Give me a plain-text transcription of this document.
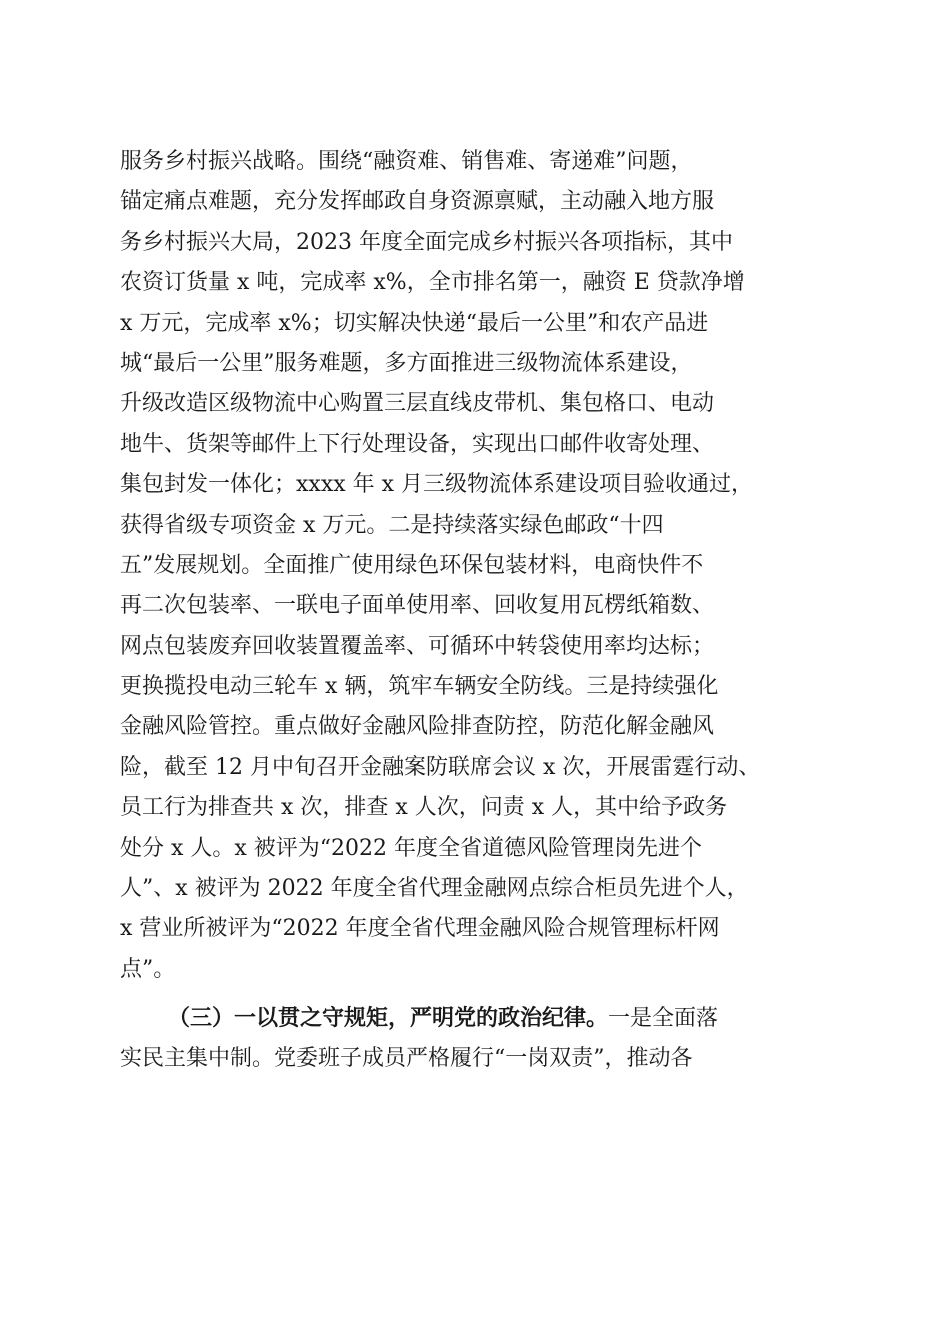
服务乡村振兴战略。围绕“融资难、销售难、寄递难”问题，
锚定痛点难题，充分发挥邮政自身资源禀赋，主动融入地方服
务乡村振兴大局，2023 年度全面完成乡村振兴各项指标，其中
农资订货量 x 吨，完成率 x%，全市排名第一，融资 E 贷款净增
x 万元，完成率 x%；切实解决快递“最后一公里”和农产品进
城“最后一公里”服务难题，多方面推进三级物流体系建设，
升级改造区级物流中心购置三层直线皮带机、集包格口、电动
地牛、货架等邮件上下行处理设备，实现出口邮件收寄处理、
集包封发一体化；xxxx 年 x 月三级物流体系建设项目验收通过，
获得省级专项资金 x 万元。二是持续落实绿色邮政“十四
五”发展规划。全面推广使用绿色环保包装材料，电商快件不
再二次包装率、一联电子面单使用率、回收复用瓦楞纸箱数、
网点包装废弃回收装置覆盖率、可循环中转袋使用率均达标；
更换揽投电动三轮车 x 辆，筑牢车辆安全防线。三是持续强化
金融风险管控。重点做好金融风险排查防控，防范化解金融风
险，截至 12 月中旬召开金融案防联席会议 x 次，开展雷霆行动、
员工行为排查共 x 次，排查 x 人次，问责 x 人，其中给予政务
处分 x 人。x 被评为“2022 年度全省道德风险管理岗先进个
人”、x 被评为 2022 年度全省代理金融网点综合柜员先进个人，
x 营业所被评为“2022 年度全省代理金融风险合规管理标杆网
点”。
（三）一以贯之守规矩，严明党的政治纪律。一是全面落
实民主集中制。党委班子成员严格履行“一岗双责”，推动各
